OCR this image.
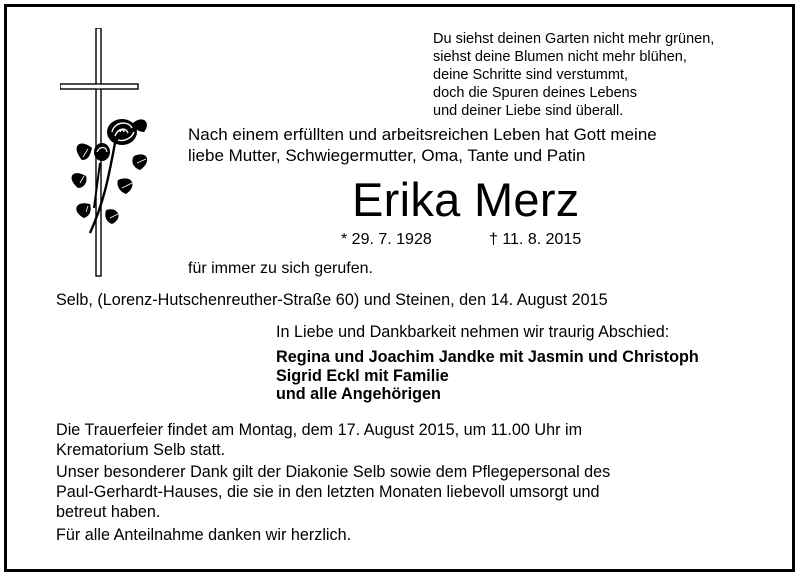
Du siehst deinen Garten nicht mehr grünen,
siehst deine Blumen nicht mehr blühen,
deine Schritte sind verstummt,
doch die Spuren deines Lebens
und deiner Liebe sind überall.
Nach einem erfüllten und arbeitsreichen Leben hat Gott meine
liebe Mutter, Schwiegermutter, Oma, Tante und Patin
Erika Merz
* 29. 7. 1928	† 11. 8. 2015
für immer zu sich gerufen.
Selb, (Lorenz-Hutschenreuther-Straße 60) und Steinen, den 14. August 2015
In Liebe und Dankbarkeit nehmen wir traurig Abschied:
Regina und Joachim Jandke mit Jasmin und Christoph
Sigrid Eckl mit Familie
und alle Angehörigen
Die Trauerfeier findet am Montag, dem 17. August 2015, um 11.00 Uhr im
Krematorium Selb statt.
Unser besonderer Dank gilt der Diakonie Selb sowie dem Pflegepersonal des
Paul-Gerhardt-Hauses, die sie in den letzten Monaten liebevoll umsorgt und
betreut haben.
Für alle Anteilnahme danken wir herzlich.
